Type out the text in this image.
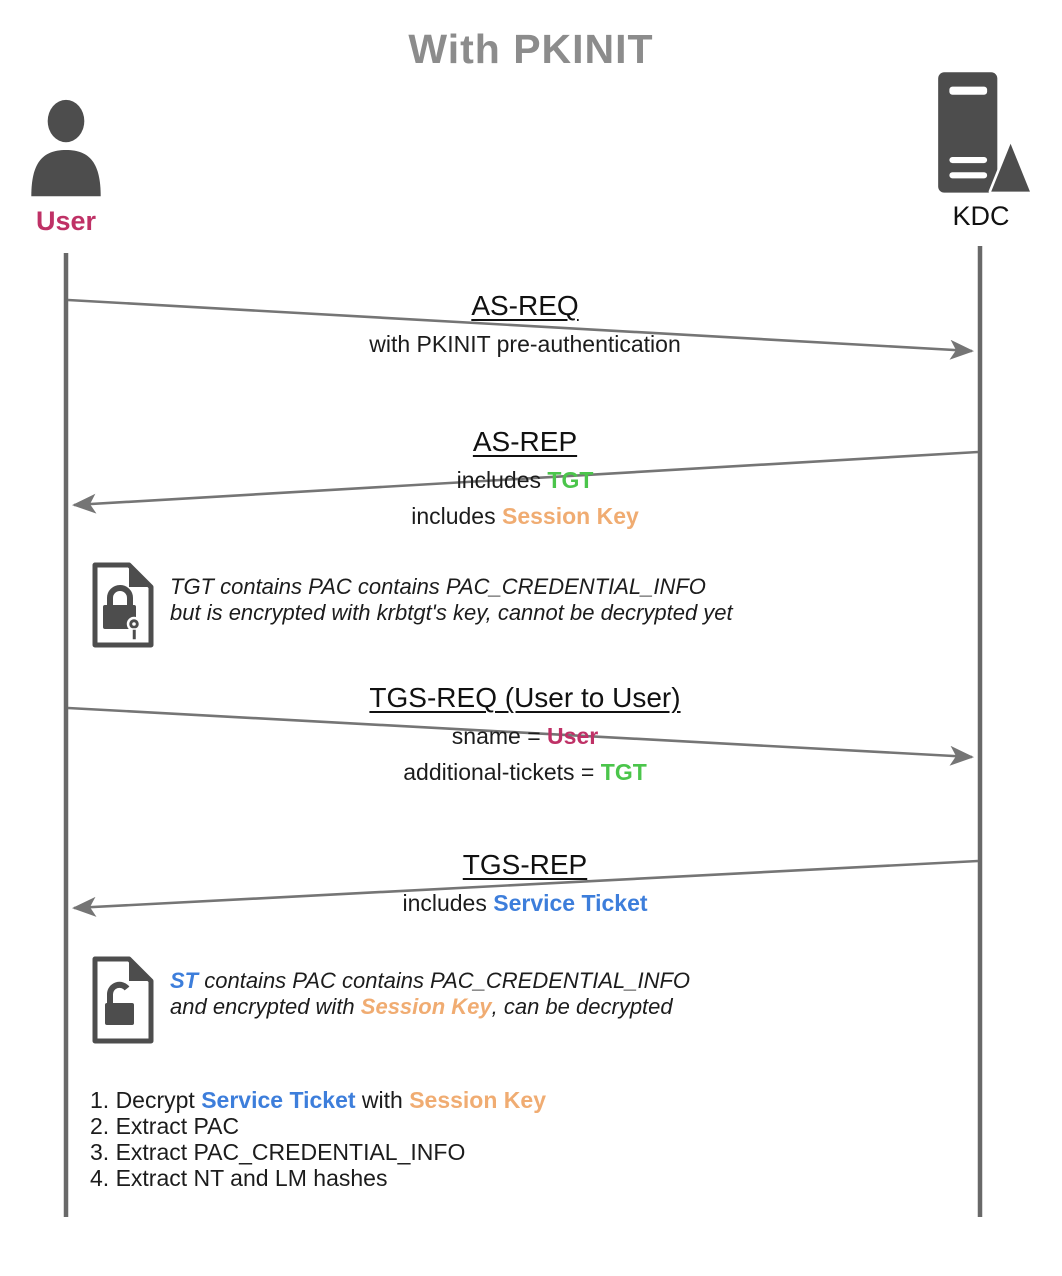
With PKINIT
User	KDC
AS-REQ
with PKINIT pre-authentication
AS-REP
includes TGT
includes Session Key
TGT contains PAC contains PAC_CREDENTIAL_INFO
but is encrypted with krbtgt's key, cannot be decrypted yet
TGS-REQ (User to User)
sname = User
additional-tickets = TGT
TGS-REP
includes Service Ticket
ST contains PAC contains PAC_CREDENTIAL_INFO
and encrypted with Session Key, can be decrypted
1. Decrypt Service Ticket with Session Key
2. Extract PAC
3. Extract PAC_CREDENTIAL_INFO
4. Extract NT and LM hashes
